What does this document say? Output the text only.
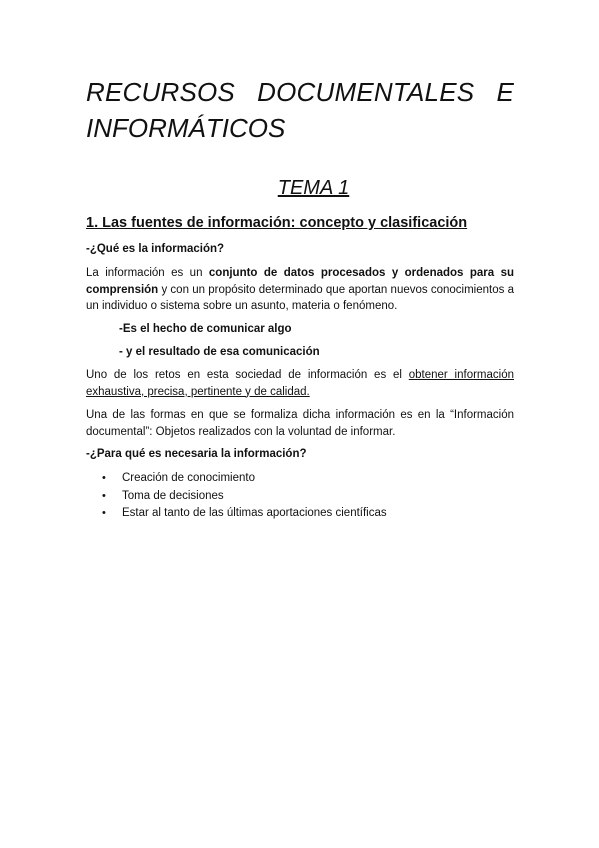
RECURSOS DOCUMENTALES E
INFORMÁTICOS
TEMA 1
1. Las fuentes de información: concepto y clasificación

-¿Qué es la información?

La información es un conjunto de datos procesados y ordenados para su comprensión y con un propósito determinado que aportan nuevos conocimientos a un individuo o sistema sobre un asunto, materia o fenómeno.

-Es el hecho de comunicar algo

- y el resultado de esa comunicación

Uno de los retos en esta sociedad de información es el obtener información exhaustiva, precisa, pertinente y de calidad.

Una de las formas en que se formaliza dicha información es en la “Información documental”: Objetos realizados con la voluntad de informar.

-¿Para qué es necesaria la información?

• Creación de conocimiento
• Toma de decisiones
• Estar al tanto de las últimas aportaciones científicas
